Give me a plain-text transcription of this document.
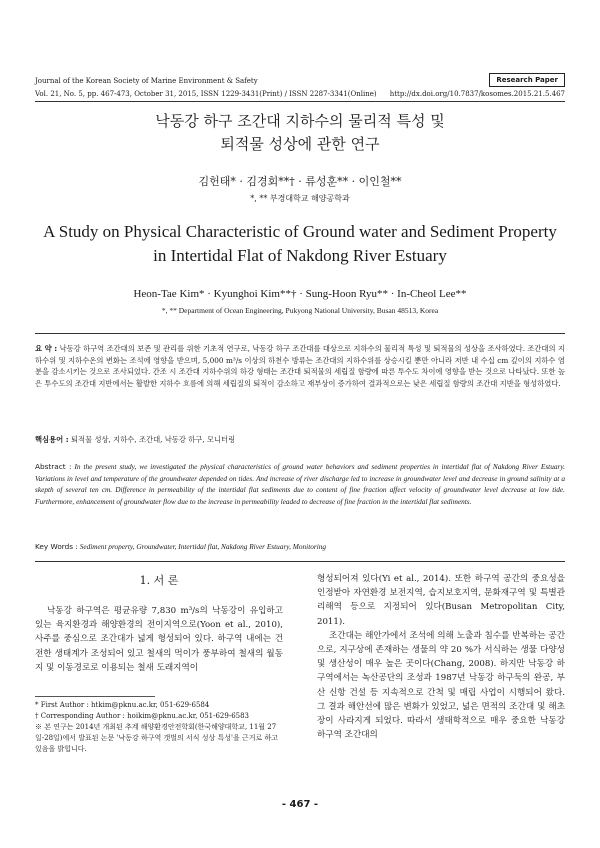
Journal of the Korean Society of Marine Environment & Safety	Research Paper
Vol. 21, No. 5, pp. 467-473, October 31, 2015, ISSN 1229-3431(Print) / ISSN 2287-3341(Online) http://dx.doi.org/10.7837/kosomes.2015.21.5.467
낙동강 하구 조간대 지하수의 물리적 특성 및
퇴적물 성상에 관한 연구
김헌태* · 김경회**† · 류성훈** · 이인철**
*, ** 부경대학교 해양공학과
A Study on Physical Characteristic of Ground water and Sediment Property
in Intertidal Flat of Nakdong River Estuary
Heon-Tae Kim* · Kyunghoi Kim**† · Sung-Hoon Ryu** · In-Cheol Lee**
*, ** Department of Ocean Engineering, Pukyong National University, Busan 48513, Korea
요 약 : 낙동강 하구역 조간대의 보존 및 관리를 위한 기초적 연구로, 낙동강 하구 조간대를 대상으로 지하수의 물리적 특성 및 퇴적물의 성상을 조사하였다. 조간대의 지하수위 및 지하수온의 변화는 조석에 영향을 받으며, 5,000 m³/s 이상의 하천수 방류는 조간대의 지하수위를 상승시킬 뿐만 아니라 저반 내 수십 cm 깊이의 지하수 염분을 감소시키는 것으로 조사되었다. 간조 시 조간대 지하수위의 하강 형태는 조간대 퇴적물의 세립질 함량에 따른 투수도 차이에 영향을 받는 것으로 나타났다. 또한 높은 투수도의 조간대 지반에서는 활발한 지하수 흐름에 의해 세립질의 퇴적이 감소하고 재부상이 증가하여 결과적으로는 낮은 세립질 함량의 조간대 지반을 형성하였다.
핵심용어 : 퇴적물 성상, 지하수, 조간대, 낙동강 하구, 모니터링
Abstract : In the present study, we investigated the physical characteristics of ground water behaviors and sediment properties in intertidal flat of Nakdong River Estuary. Variations in level and temperature of the groundwater depended on tides. And increase of river discharge led to increase in groundwater level and decrease in ground salinity at a skepth of several ten cm. Difference in permeability of the intertidal flat sediments due to content of fine fraction affect velocity of groundwater level decrease at low tide. Furthermore, enhancement of groundwater flow due to the increase in permeability leaded to decrease of fine fraction in the intertidal flat sediments.
Key Words : Sediment property, Groundwater, Intertidal flat, Nakdong River Estuary, Monitoring
1. 서 론

낙동강 하구역은 평균유량 7,830 m³/s의 낙동강이 유입하고 있는 육지환경과 해양환경의 전이지역으로(Yoon et al., 2010), 사주를 중심으로 조간대가 넓게 형성되어 있다. 하구역 내에는 건전한 생태계가 조성되어 있고 철새의 먹이가 풍부하여 철새의 월동지 및 이동경로로 이용되는 철새 도래지역이

형성되어져 있다(Yi et al., 2014). 또한 하구역 공간의 중요성을 인정받아 자연환경 보전지역, 습지보호지역, 문화재구역 및 특별관리해역 등으로 지정되어 있다(Busan Metropolitan City, 2011).

조간대는 해안가에서 조석에 의해 노출과 침수를 반복하는 공간으로, 지구상에 존재하는 생물의 약 20 %가 서식하는 생물 다양성 및 생산성이 매우 높은 곳이다(Chang, 2008). 하지만 낙동강 하구역에서는 녹산공단의 조성과 1987년 낙동강 하구둑의 완공, 부산 신항 건설 등 지속적으로 간척 및 매립 사업이 시행되어 왔다. 그 결과 해안선에 많은 변화가 있었고, 넓은 면적의 조간대 및 해초장이 사라지게 되었다. 따라서 생태학적으로 매우 중요한 낙동강 하구역 조간대의

* First Author : htkim@pknu.ac.kr, 051-629-6584
† Corresponding Author : hoikim@pknu.ac.kr, 051-629-6583
※ 본 연구는 2014년 개최된 추계 해양환경안전학회(한국해양대학교, 11월 27일-28일)에서 발표된 논문 '낙동강 하구역 갯벌의 서식 성상 특성'을 근거로 하고 있음을 밝힙니다.
- 467 -
